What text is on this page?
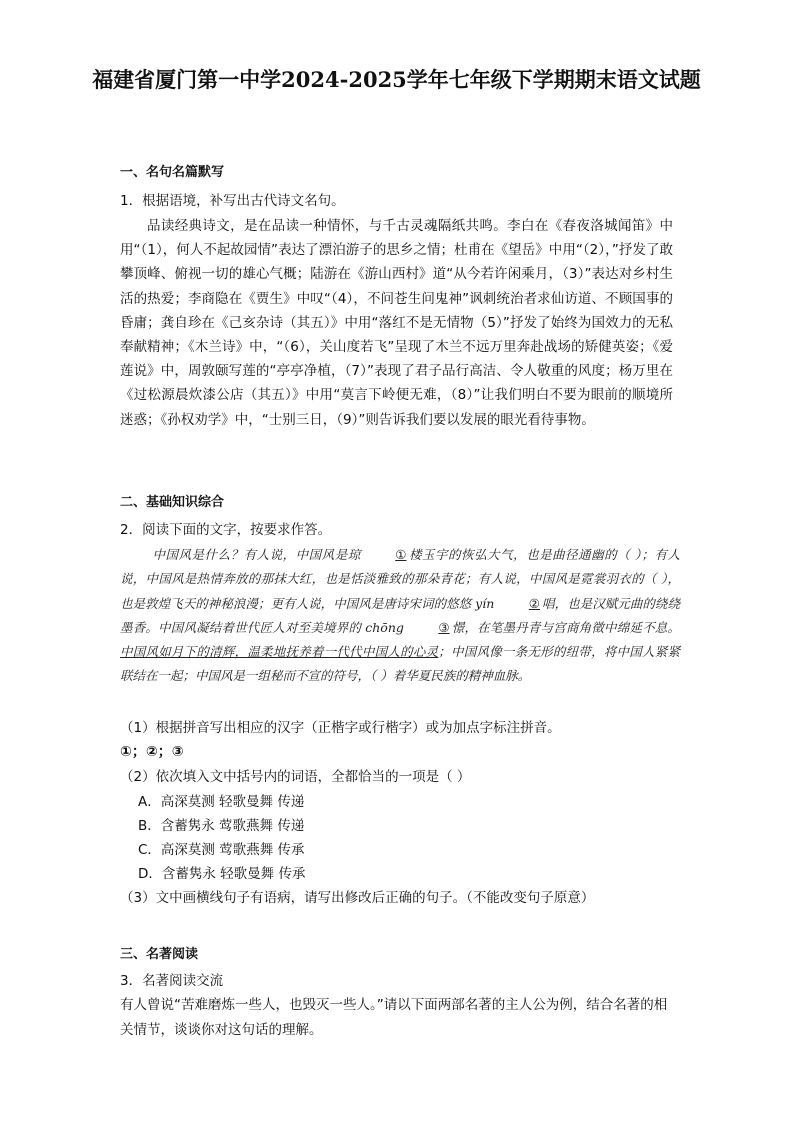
福建省厦门第一中学2024-2025学年七年级下学期期末语文试题
一、名句名篇默写
1．根据语境，补写出古代诗文名句。
品读经典诗文，是在品读一种情怀，与千古灵魂隔纸共鸣。李白在《春夜洛城闻笛》中用“（1），何人不起故园情”表达了漂泊游子的思乡之情；杜甫在《望岳》中用“（2），”抒发了敢攀顶峰、俯视一切的雄心气概；陆游在《游山西村》道“从今若许闲乘月，（3）”表达对乡村生活的热爱；李商隐在《贾生》中叹“（4），不问苍生问鬼神”讽刺统治者求仙访道、不顾国事的昏庸；龚自珍在《己亥杂诗（其五）》中用“落红不是无情物（5）”抒发了始终为国效力的无私奉献精神；《木兰诗》中，“（6），关山度若飞”呈现了木兰不远万里奔赴战场的矫健英姿；《爱莲说》中，周敦颐写莲的“亭亭净植，（7）”表现了君子品行高洁、令人敬重的风度；杨万里在《过松源晨炊漆公店（其五）》中用“莫言下岭便无难，（8）”让我们明白不要为眼前的顺境所迷惑；《孙权劝学》中，“士别三日，（9）”则告诉我们要以发展的眼光看待事物。
二、基础知识综合
2．阅读下面的文字，按要求作答。
中国风是什么？有人说，中国风是琼	① 楼玉宇的恢弘大气，也是曲径通幽的（ ）；有人说，中国风是热情奔放的那抹大红，也是恬淡雅致的那朵青花；有人说，中国风是霓裳羽衣的（ ），也是敦煌飞天的神秘浪漫；更有人说，中国风是唐诗宋词的悠悠 yín	② 唱，也是汉赋元曲的绕绕墨香。中国风凝结着世代匠人对至美境界的 chōng	③ 憬，在笔墨丹青与宫商角徵中绵延不息。中国风如月下的清辉，温柔地抚养着一代代中国人的心灵；中国风像一条无形的纽带，将中国人紧紧联结在一起；中国风是一组秘而不宣的符号，（ ）着华夏民族的精神血脉。
（1）根据拼音写出相应的汉字（正楷字或行楷字）或为加点字标注拼音。
①；②；③
（2）依次填入文中括号内的词语，全都恰当的一项是（ ）
A．高深莫测 轻歌曼舞 传递
B．含蓄隽永 莺歌燕舞 传递
C．高深莫测 莺歌燕舞 传承
D．含蓄隽永 轻歌曼舞 传承
（3）文中画横线句子有语病，请写出修改后正确的句子。（不能改变句子原意）
三、名著阅读
3．名著阅读交流
有人曾说“苦难磨炼一些人，也毁灭一些人。”请以下面两部名著的主人公为例，结合名著的相关情节，谈谈你对这句话的理解。
